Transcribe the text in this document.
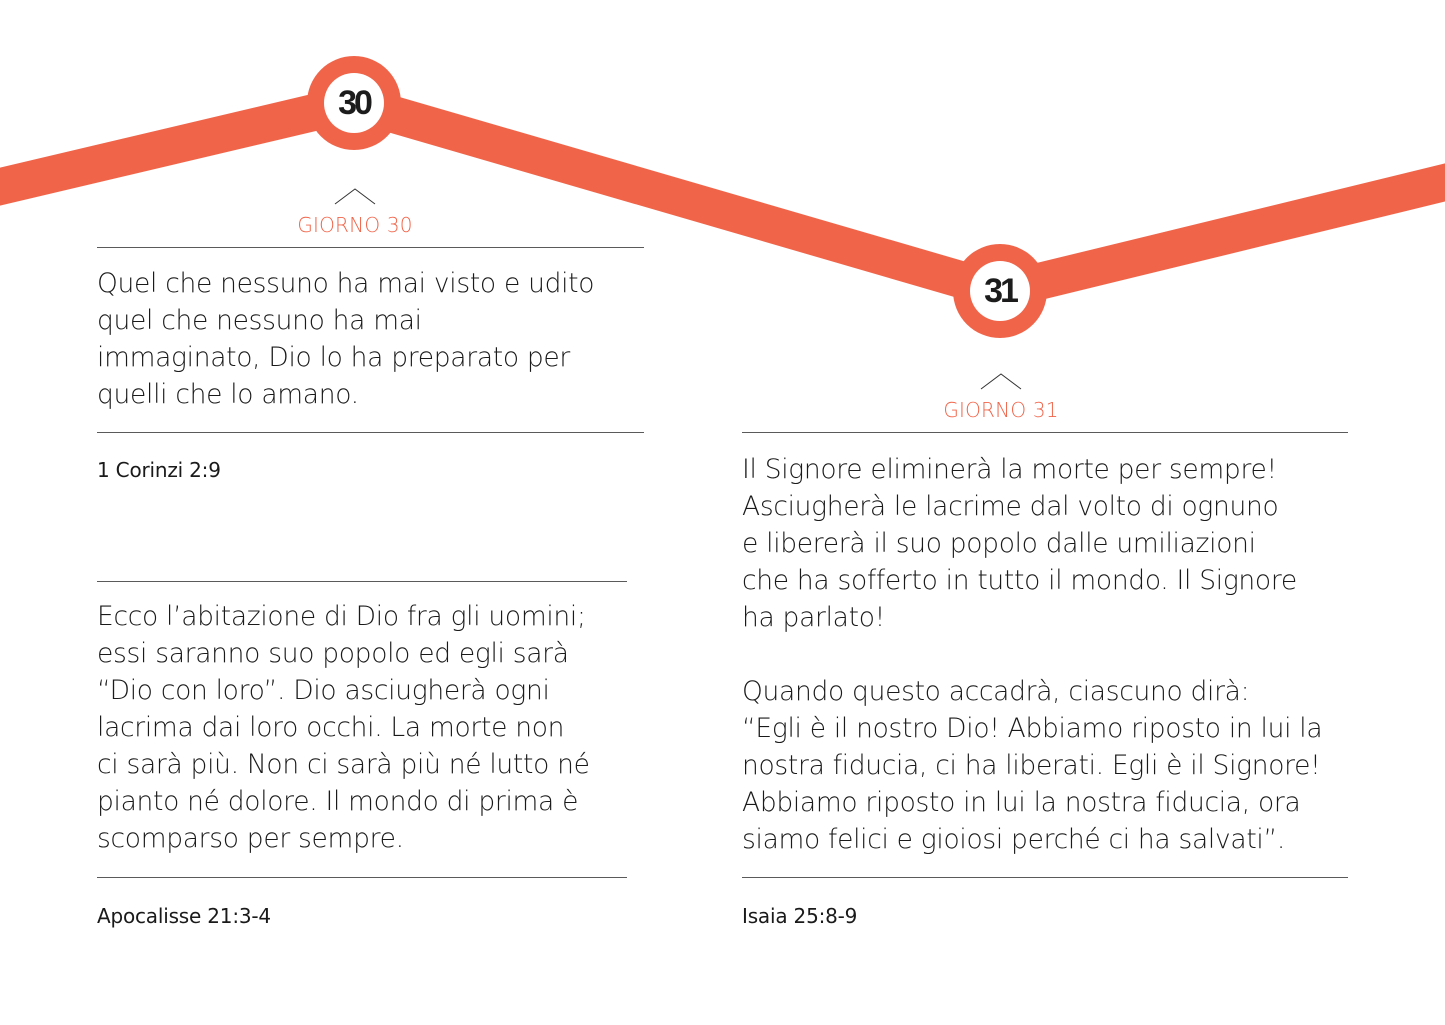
30
31
GIORNO 30
Quel che nessuno ha mai visto e udito
quel che nessuno ha mai
immaginato, Dio lo ha preparato per
quelli che lo amano.
1 Corinzi 2:9
Ecco l’abitazione di Dio fra gli uomini;
essi saranno suo popolo ed egli sarà
“Dio con loro”. Dio asciugherà ogni
lacrima dai loro occhi. La morte non
ci sarà più. Non ci sarà più né lutto né
pianto né dolore. Il mondo di prima è
scomparso per sempre.
Apocalisse 21:3-4
GIORNO 31
Il Signore eliminerà la morte per sempre!
Asciugherà le lacrime dal volto di ognuno
e libererà il suo popolo dalle umiliazioni
che ha sofferto in tutto il mondo. Il Signore
ha parlato!
Quando questo accadrà, ciascuno dirà:
“Egli è il nostro Dio! Abbiamo riposto in lui la
nostra fiducia, ci ha liberati. Egli è il Signore!
Abbiamo riposto in lui la nostra fiducia, ora
siamo felici e gioiosi perché ci ha salvati”.
Isaia 25:8-9
